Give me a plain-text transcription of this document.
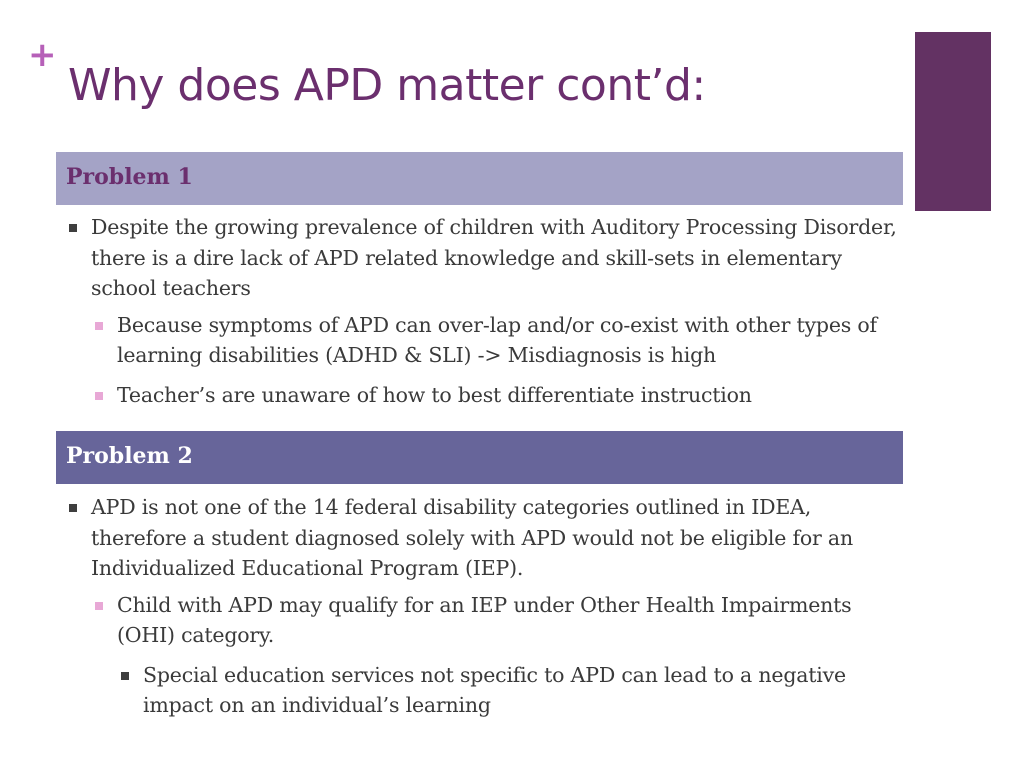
+
Why does APD matter cont’d:
Problem 1
Despite the growing prevalence of children with Auditory Processing Disorder, there is a dire lack of APD related knowledge and skill-sets in elementary school teachers
Because symptoms of APD can over-lap and/or co-exist with other types of learning disabilities (ADHD & SLI) -> Misdiagnosis is high
Teacher’s are unaware of how to best differentiate instruction
Problem 2
APD is not one of the 14 federal disability categories outlined in IDEA, therefore a student diagnosed solely with APD would not be eligible for an Individualized Educational Program (IEP).
Child with APD may qualify for an IEP under Other Health Impairments (OHI) category.
Special education services not specific to APD can lead to a negative impact on an individual’s learning
